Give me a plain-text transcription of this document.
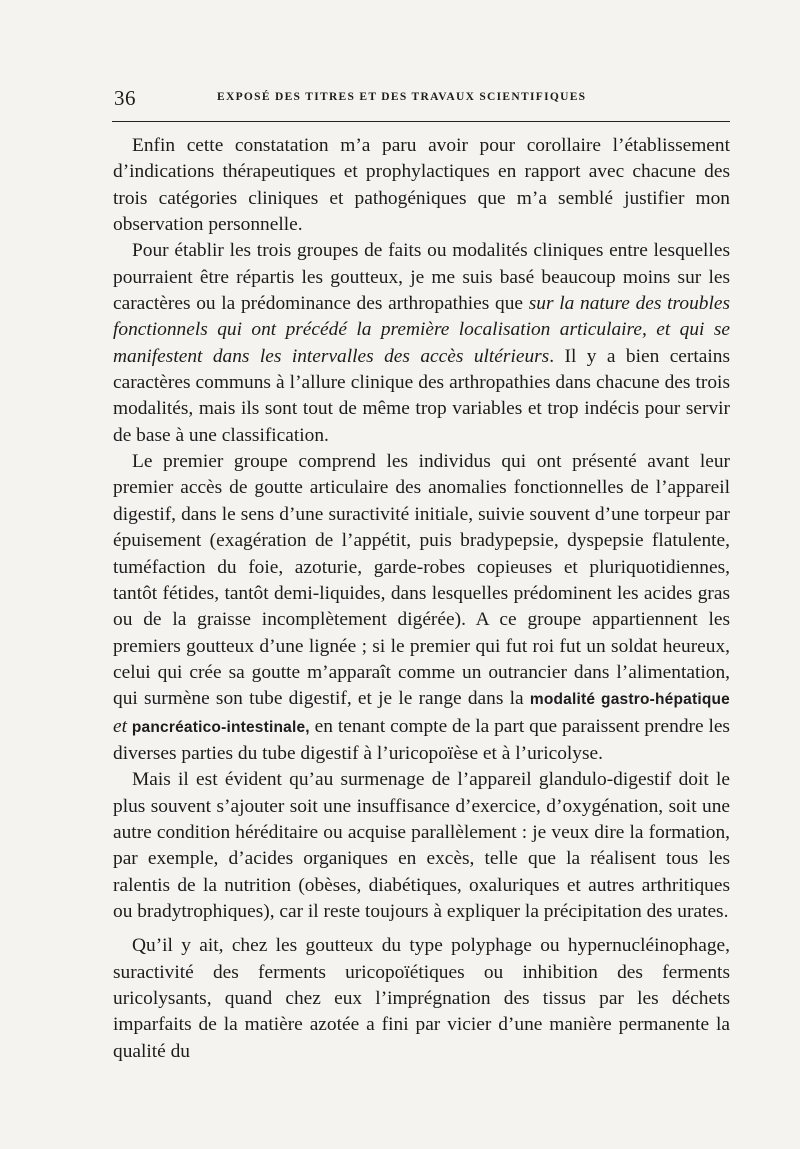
36	EXPOSÉ DES TITRES ET DES TRAVAUX SCIENTIFIQUES

Enfin cette constatation m’a paru avoir pour corollaire l’établissement d’indications thérapeutiques et prophylactiques en rapport avec chacune des trois catégories cliniques et pathogéniques que m’a semblé justifier mon observation personnelle.

Pour établir les trois groupes de faits ou modalités cliniques entre lesquelles pourraient être répartis les goutteux, je me suis basé beaucoup moins sur les caractères ou la prédominance des arthropathies que sur la nature des troubles fonctionnels qui ont précédé la première localisation articulaire, et qui se manifestent dans les intervalles des accès ultérieurs. Il y a bien certains caractères communs à l’allure clinique des arthropathies dans chacune des trois modalités, mais ils sont tout de même trop variables et trop indécis pour servir de base à une classification.

Le premier groupe comprend les individus qui ont présenté avant leur premier accès de goutte articulaire des anomalies fonctionnelles de l’appareil digestif, dans le sens d’une suractivité initiale, suivie souvent d’une torpeur par épuisement (exagération de l’appétit, puis bradypepsie, dyspepsie flatulente, tuméfaction du foie, azoturie, garde-robes copieuses et pluriquotidiennes, tantôt fétides, tantôt demi-liquides, dans lesquelles prédominent les acides gras ou de la graisse incomplètement digérée). A ce groupe appartiennent les premiers goutteux d’une lignée ; si le premier qui fut roi fut un soldat heureux, celui qui crée sa goutte m’apparaît comme un outrancier dans l’alimentation, qui surmène son tube digestif, et je le range dans la modalité gastro-hépatique et pancréatico-intestinale, en tenant compte de la part que paraissent prendre les diverses parties du tube digestif à l’uricopoïèse et à l’uricolyse.

Mais il est évident qu’au surmenage de l’appareil glandulo-digestif doit le plus souvent s’ajouter soit une insuffisance d’exercice, d’oxygénation, soit une autre condition héréditaire ou acquise parallèlement : je veux dire la formation, par exemple, d’acides organiques en excès, telle que la réalisent tous les ralentis de la nutrition (obèses, diabétiques, oxaluriques et autres arthritiques ou bradytrophiques), car il reste toujours à expliquer la précipitation des urates.

Qu’il y ait, chez les goutteux du type polyphage ou hypernucléinophage, suractivité des ferments uricopoïétiques ou inhibition des ferments uricolysants, quand chez eux l’imprégnation des tissus par les déchets imparfaits de la matière azotée a fini par vicier d’une manière permanente la qualité du
